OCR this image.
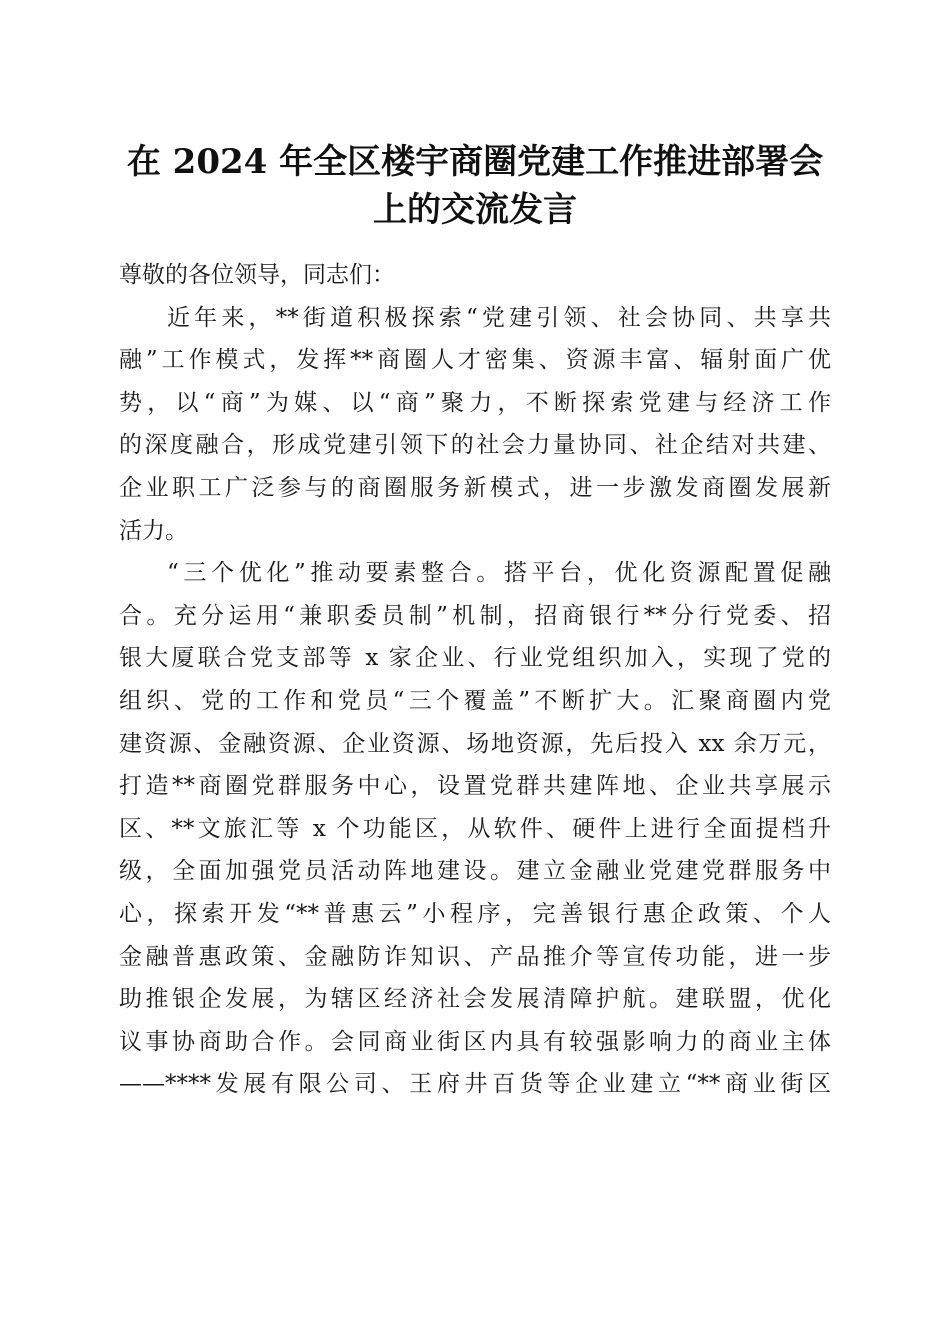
在 2024 年全区楼宇商圈党建工作推进部署会
上的交流发言
尊敬的各位领导，同志们：

近年来，**街道积极探索“党建引领、社会协同、共享共
融”工作模式，发挥**商圈人才密集、资源丰富、辐射面广优
势，以“商”为媒、以“商”聚力，不断探索党建与经济工作
的深度融合，形成党建引领下的社会力量协同、社企结对共建、
企业职工广泛参与的商圈服务新模式，进一步激发商圈发展新
活力。

“三个优化”推动要素整合。搭平台，优化资源配置促融
合。充分运用“兼职委员制”机制，招商银行**分行党委、招
银大厦联合党支部等 x 家企业、行业党组织加入，实现了党的
组织、党的工作和党员“三个覆盖”不断扩大。汇聚商圈内党
建资源、金融资源、企业资源、场地资源，先后投入 xx 余万元，
打造**商圈党群服务中心，设置党群共建阵地、企业共享展示
区、**文旅汇等 x 个功能区，从软件、硬件上进行全面提档升
级，全面加强党员活动阵地建设。建立金融业党建党群服务中
心，探索开发“**普惠云”小程序，完善银行惠企政策、个人
金融普惠政策、金融防诈知识、产品推介等宣传功能，进一步
助推银企发展，为辖区经济社会发展清障护航。建联盟，优化
议事协商助合作。会同商业街区内具有较强影响力的商业主体
——****发展有限公司、王府井百货等企业建立“**商业街区
